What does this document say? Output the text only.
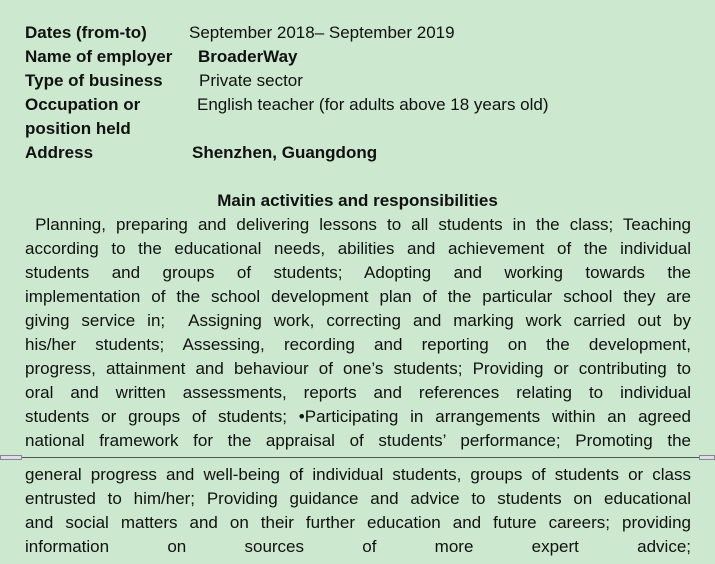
Dates (from-to) September 2018– September 2019
Name of employer BroaderWay
Type of business Private sector
Occupation or	English teacher (for adults above 18 years old)
position held
Address	Shenzhen, Guangdong
Main activities and responsibilities
Planning, preparing and delivering lessons to all students in the class; Teaching
according to the educational needs, abilities and achievement of the individual
students and groups of students; Adopting and working towards the
implementation of the school development plan of the particular school they are
giving service in;  Assigning work, correcting and marking work carried out by
his/her students; Assessing, recording and reporting on the development,
progress, attainment and behaviour of one’s students; Providing or contributing to
oral and written assessments, reports and references relating to individual
students or groups of students; •Participating in arrangements within an agreed
national framework for the appraisal of students’ performance; Promoting the
general progress and well-being of individual students, groups of students or class
entrusted to him/her; Providing guidance and advice to students on educational
and social matters and on their further education and future careers; providing
information on sources of more expert advice;
